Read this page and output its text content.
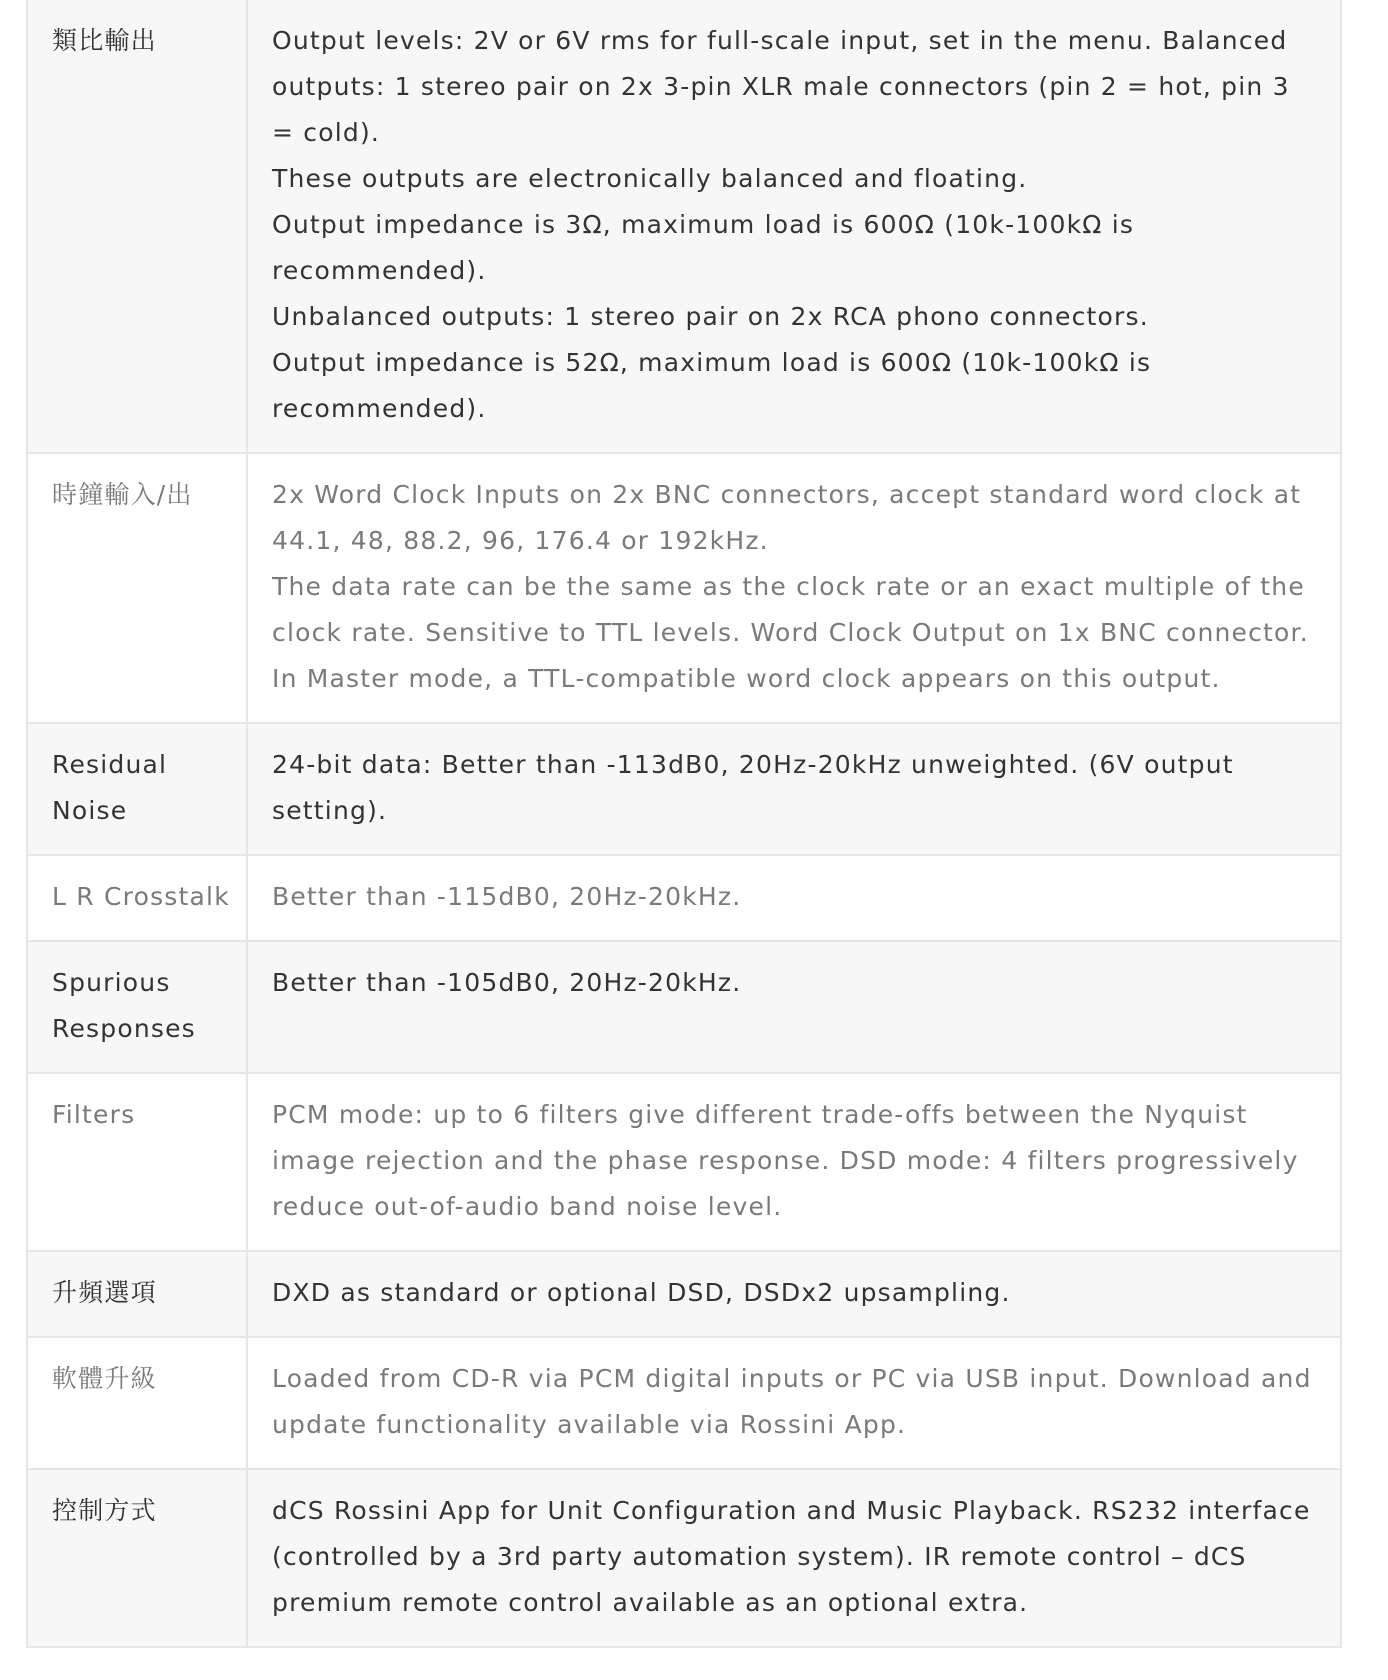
類比輸出	Output levels: 2V or 6V rms for full-scale input, set in the menu. Balanced outputs: 1 stereo pair on 2x 3-pin XLR male connectors (pin 2 = hot, pin 3 = cold).
These outputs are electronically balanced and floating.
Output impedance is 3Ω, maximum load is 600Ω (10k-100kΩ is recommended).
Unbalanced outputs: 1 stereo pair on 2x RCA phono connectors.
Output impedance is 52Ω, maximum load is 600Ω (10k-100kΩ is recommended).

時鐘輸入/出	2x Word Clock Inputs on 2x BNC connectors, accept standard word clock at 44.1, 48, 88.2, 96, 176.4 or 192kHz.
The data rate can be the same as the clock rate or an exact multiple of the clock rate. Sensitive to TTL levels. Word Clock Output on 1x BNC connector. In Master mode, a TTL-compatible word clock appears on this output.

Residual Noise	24-bit data: Better than -113dB0, 20Hz-20kHz unweighted. (6V output setting).

L R Crosstalk	Better than -115dB0, 20Hz-20kHz.

Spurious Responses	Better than -105dB0, 20Hz-20kHz.

Filters	PCM mode: up to 6 filters give different trade-offs between the Nyquist image rejection and the phase response. DSD mode: 4 filters progressively reduce out-of-audio band noise level.

升頻選項	DXD as standard or optional DSD, DSDx2 upsampling.

軟體升級	Loaded from CD-R via PCM digital inputs or PC via USB input. Download and update functionality available via Rossini App.

控制方式	dCS Rossini App for Unit Configuration and Music Playback. RS232 interface (controlled by a 3rd party automation system). IR remote control – dCS premium remote control available as an optional extra.
